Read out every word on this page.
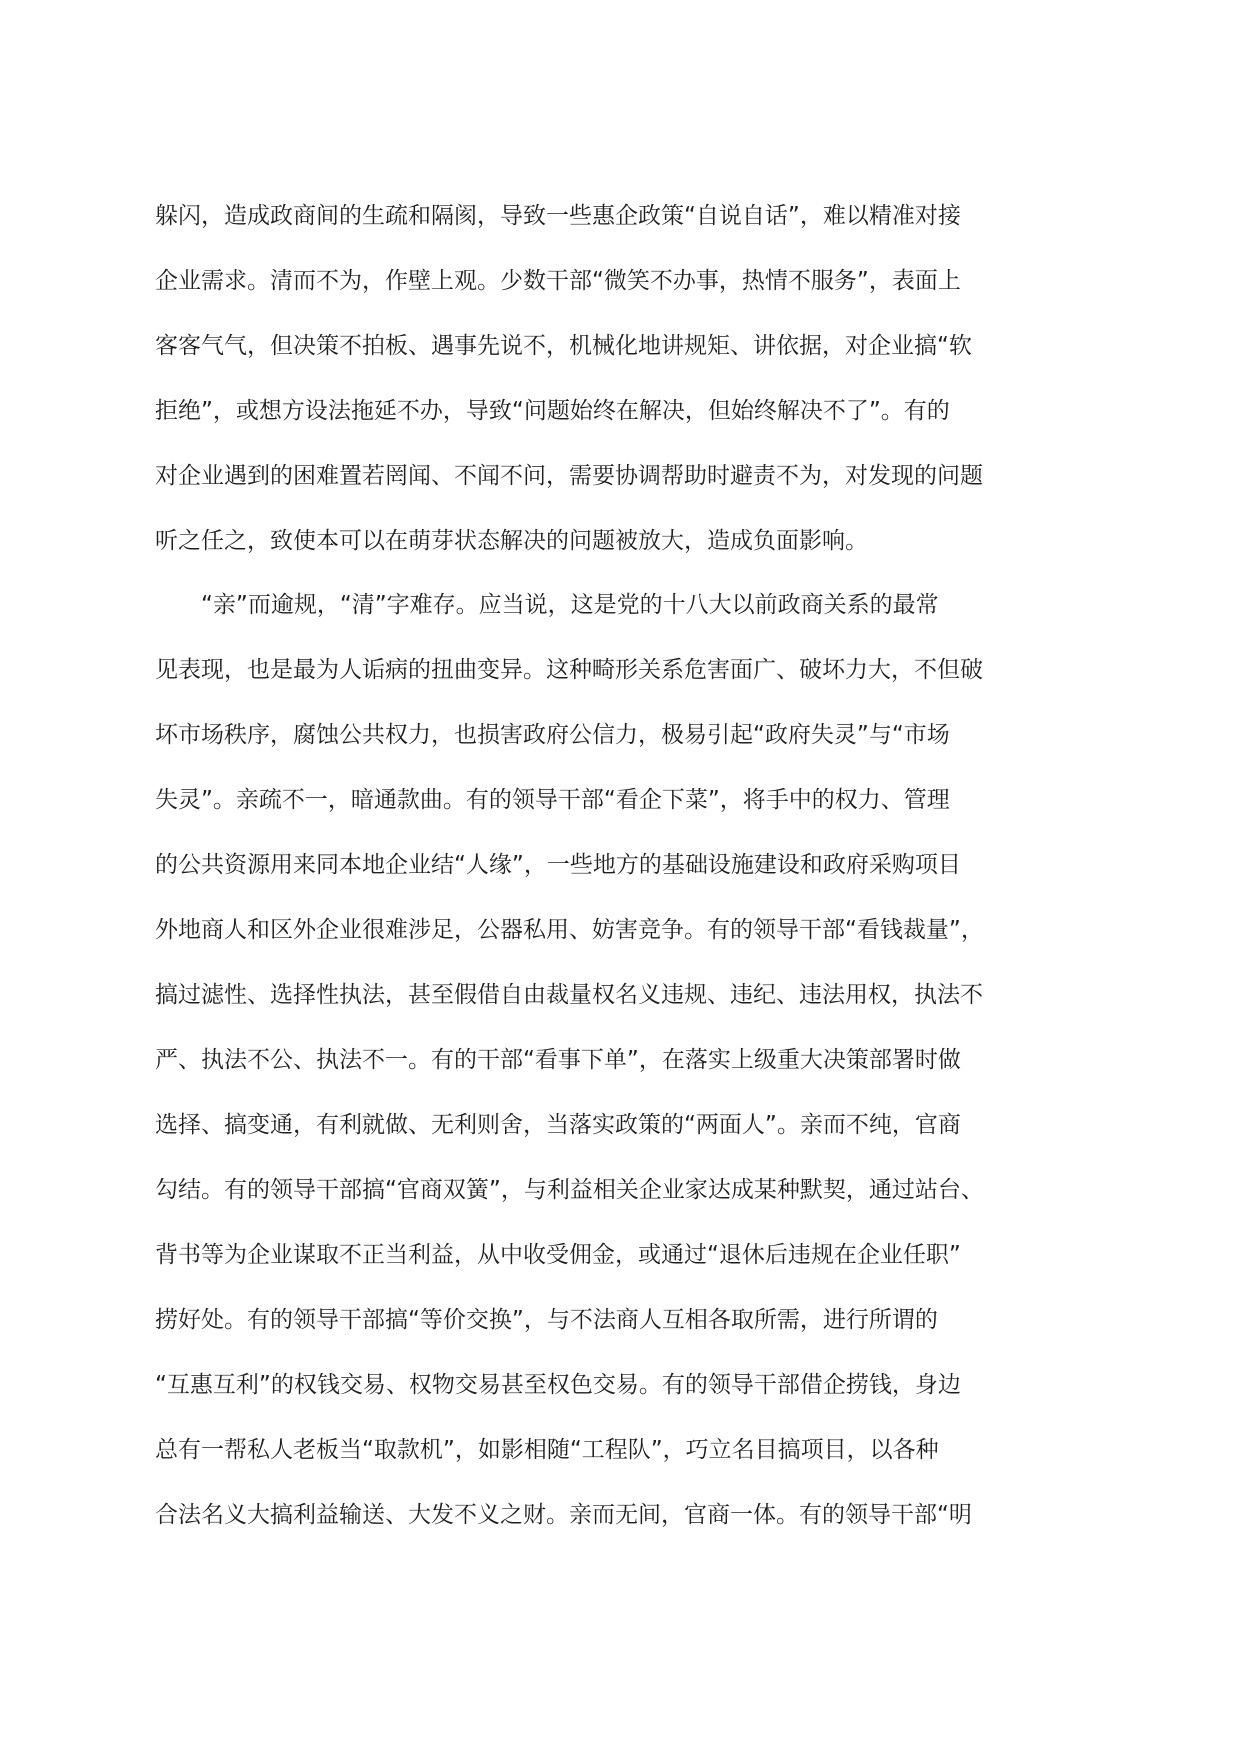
躲闪，造成政商间的生疏和隔阂，导致一些惠企政策“自说自话”，难以精准对接
企业需求。清而不为，作壁上观。少数干部“微笑不办事，热情不服务”，表面上
客客气气，但决策不拍板、遇事先说不，机械化地讲规矩、讲依据，对企业搞“软
拒绝”，或想方设法拖延不办，导致“问题始终在解决，但始终解决不了”。有的
对企业遇到的困难置若罔闻、不闻不问，需要协调帮助时避责不为，对发现的问题
听之任之，致使本可以在萌芽状态解决的问题被放大，造成负面影响。
　　“亲”而逾规，“清”字难存。应当说，这是党的十八大以前政商关系的最常
见表现，也是最为人诟病的扭曲变异。这种畸形关系危害面广、破坏力大，不但破
坏市场秩序，腐蚀公共权力，也损害政府公信力，极易引起“政府失灵”与“市场
失灵”。亲疏不一，暗通款曲。有的领导干部“看企下菜”，将手中的权力、管理
的公共资源用来同本地企业结“人缘”，一些地方的基础设施建设和政府采购项目
外地商人和区外企业很难涉足，公器私用、妨害竞争。有的领导干部“看钱裁量”，
搞过滤性、选择性执法，甚至假借自由裁量权名义违规、违纪、违法用权，执法不
严、执法不公、执法不一。有的干部“看事下单”，在落实上级重大决策部署时做
选择、搞变通，有利就做、无利则舍，当落实政策的“两面人”。亲而不纯，官商
勾结。有的领导干部搞“官商双簧”，与利益相关企业家达成某种默契，通过站台、
背书等为企业谋取不正当利益，从中收受佣金，或通过“退休后违规在企业任职”
捞好处。有的领导干部搞“等价交换”，与不法商人互相各取所需，进行所谓的
“互惠互利”的权钱交易、权物交易甚至权色交易。有的领导干部借企捞钱，身边
总有一帮私人老板当“取款机”，如影相随“工程队”，巧立名目搞项目，以各种
合法名义大搞利益输送、大发不义之财。亲而无间，官商一体。有的领导干部“明
